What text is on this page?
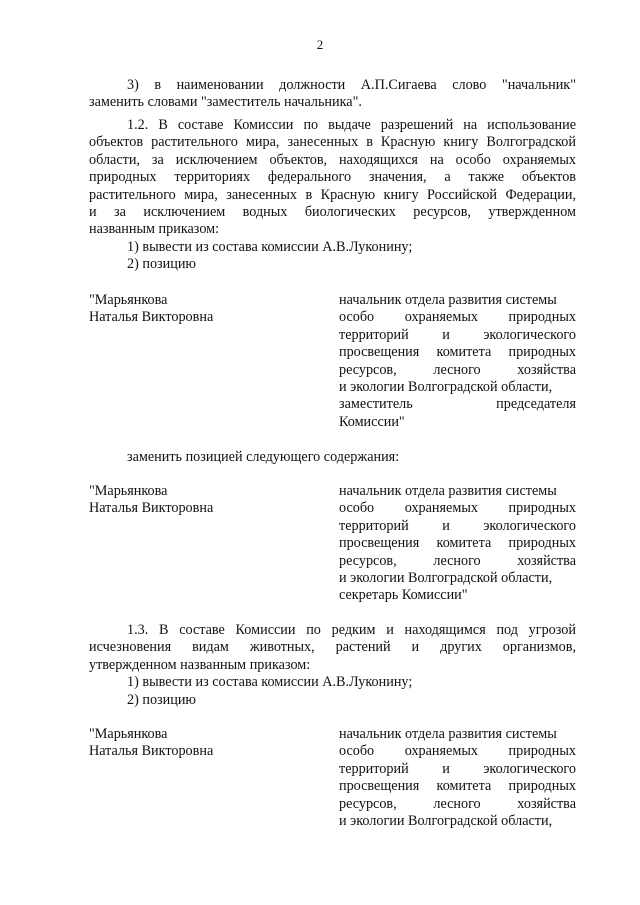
2
3) в наименовании должности А.П.Сигаева слово "начальник"
заменить словами "заместитель начальника".
1.2. В составе Комиссии по выдаче разрешений на использование
объектов растительного мира, занесенных в Красную книгу Волгоградской
области, за исключением объектов, находящихся на особо охраняемых
природных территориях федерального значения, а также объектов
растительного мира, занесенных в Красную книгу Российской Федерации,
и за исключением водных биологических ресурсов, утвержденном
названным приказом:
1) вывести из состава комиссии А.В.Луконину;
2) позицию
"Марьянкова
Наталья Викторовна
начальник отдела развития системы
особо охраняемых природных
территорий и экологического
просвещения комитета природных
ресурсов, лесного хозяйства
и экологии Волгоградской области,
заместитель председателя
Комиссии"
заменить позицией следующего содержания:
"Марьянкова
Наталья Викторовна
начальник отдела развития системы
особо охраняемых природных
территорий и экологического
просвещения комитета природных
ресурсов, лесного хозяйства
и экологии Волгоградской области,
секретарь Комиссии"
1.3. В составе Комиссии по редким и находящимся под угрозой
исчезновения видам животных, растений и других организмов,
утвержденном названным приказом:
1) вывести из состава комиссии А.В.Луконину;
2) позицию
"Марьянкова
Наталья Викторовна
начальник отдела развития системы
особо охраняемых природных
территорий и экологического
просвещения комитета природных
ресурсов, лесного хозяйства
и экологии Волгоградской области,
